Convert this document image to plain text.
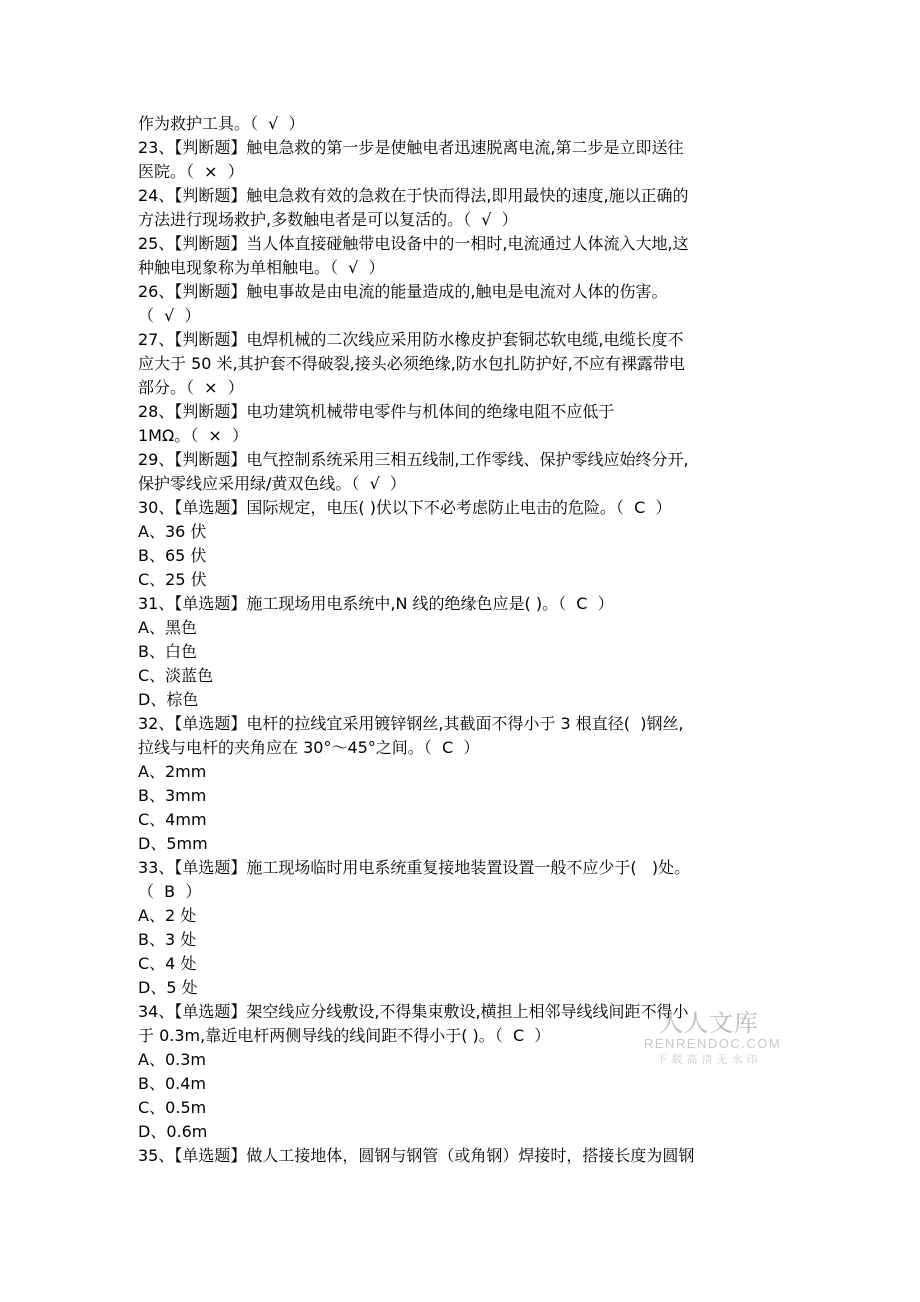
作为救护工具。（  √  ）
23、【判断题】触电急救的第一步是使触电者迅速脱离电流,第二步是立即送往
医院。（  ×  ）
24、【判断题】触电急救有效的急救在于快而得法,即用最快的速度,施以正确的
方法进行现场救护,多数触电者是可以复活的。（  √  ）
25、【判断题】当人体直接碰触带电设备中的一相时,电流通过人体流入大地,这
种触电现象称为单相触电。（  √  ）
26、【判断题】触电事故是由电流的能量造成的,触电是电流对人体的伤害。
（  √  ）
27、【判断题】电焊机械的二次线应采用防水橡皮护套铜芯软电缆,电缆长度不
应大于 50 米,其护套不得破裂,接头必须绝缘,防水包扎防护好,不应有裸露带电
部分。（  ×  ）
28、【判断题】电功建筑机械带电零件与机体间的绝缘电阻不应低于
1MΩ。（  ×  ）
29、【判断题】电气控制系统采用三相五线制,工作零线、保护零线应始终分开,
保护零线应采用绿/黄双色线。（  √  ）
30、【单选题】国际规定，电压( )伏以下不必考虑防止电击的危险。（  C  ）
A、36 伏
B、65 伏
C、25 伏
31、【单选题】施工现场用电系统中,N 线的绝缘色应是( )。（  C  ）
A、黑色
B、白色
C、淡蓝色
D、棕色
32、【单选题】电杆的拉线宜采用镀锌钢丝,其截面不得小于 3 根直径(  )钢丝,
拉线与电杆的夹角应在 30°～45°之间。（  C  ）
A、2mm
B、3mm
C、4mm
D、5mm
33、【单选题】施工现场临时用电系统重复接地装置设置一般不应少于(   )处。
（  B  ）
A、2 处
B、3 处
C、4 处
D、5 处
34、【单选题】架空线应分线敷设,不得集束敷设,横担上相邻导线线间距不得小
于 0.3m,靠近电杆两侧导线的线间距不得小于( )。（  C  ）
A、0.3m
B、0.4m
C、0.5m
D、0.6m
35、【单选题】做人工接地体，圆钢与钢管（或角钢）焊接时，搭接长度为圆钢
人人文库
RENRENDOC.COM
下载高清无水印
